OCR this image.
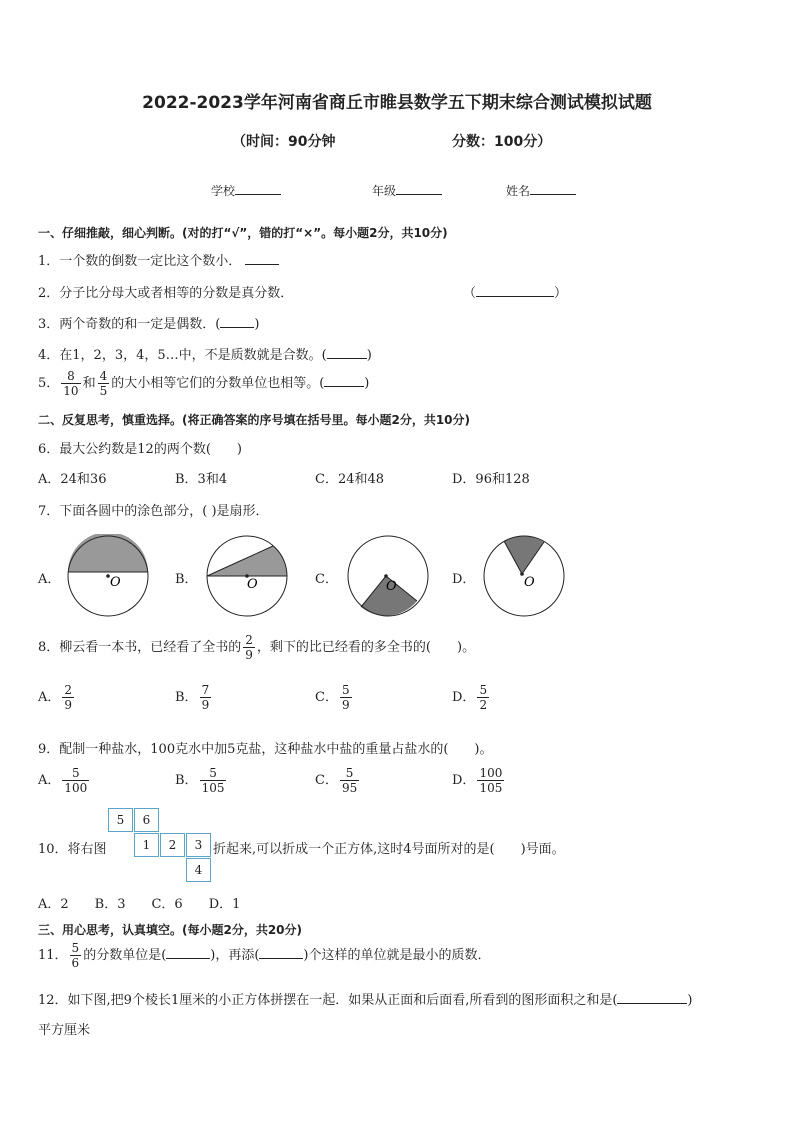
2022-2023学年河南省商丘市睢县数学五下期末综合测试模拟试题
（时间：90分钟	分数：100分）
学校	年级	姓名
一、仔细推敲，细心判断。(对的打“√”，错的打“×”。每小题2分，共10分)
1．一个数的倒数一定比这个数小．
2．分子比分母大或者相等的分数是真分数．	（	）
3．两个奇数的和一定是偶数．(	)
4．在1，2，3，4，5…中，不是质数就是合数。(	)
5． $\frac{8}{10}$ 和 $\frac{4}{5}$ 的大小相等它们的分数单位也相等。(	)
二、反复思考，慎重选择。(将正确答案的序号填在括号里。每小题2分，共10分)
6．最大公约数是12的两个数(　　)
A．24和36	B．3和4	C．24和48	D．96和128
7．下面各圆中的涂色部分，( )是扇形．
A．	O	B．	O	C．	O	D．	O
8．柳云看一本书，已经看了全书的 $\frac{2}{9}$ ，剩下的比已经看的多全书的(　　)。
A． $\frac{2}{9}$	B． $\frac{7}{9}$	C． $\frac{5}{9}$	D． $\frac{5}{2}$
9．配制一种盐水，100克水中加5克盐，这种盐水中盐的重量占盐水的(　　)。
A． $\frac{5}{100}$	B． $\frac{5}{105}$	C． $\frac{5}{95}$	D． $\frac{100}{105}$
5	6
1	2	3
4
10．将右图	折起来,可以折成一个正方体,这时4号面所对的是(　　)号面。
A．2　　B．3　　C．6　　D．1
三、用心思考，认真填空。(每小题2分，共20分)
11． $\frac{5}{6}$ 的分数单位是(	)，再添(	)个这样的单位就是最小的质数．
12．如下图,把9个棱长1厘米的小正方体拼摆在一起．如果从正面和后面看,所看到的图形面积之和是(	)
平方厘米
